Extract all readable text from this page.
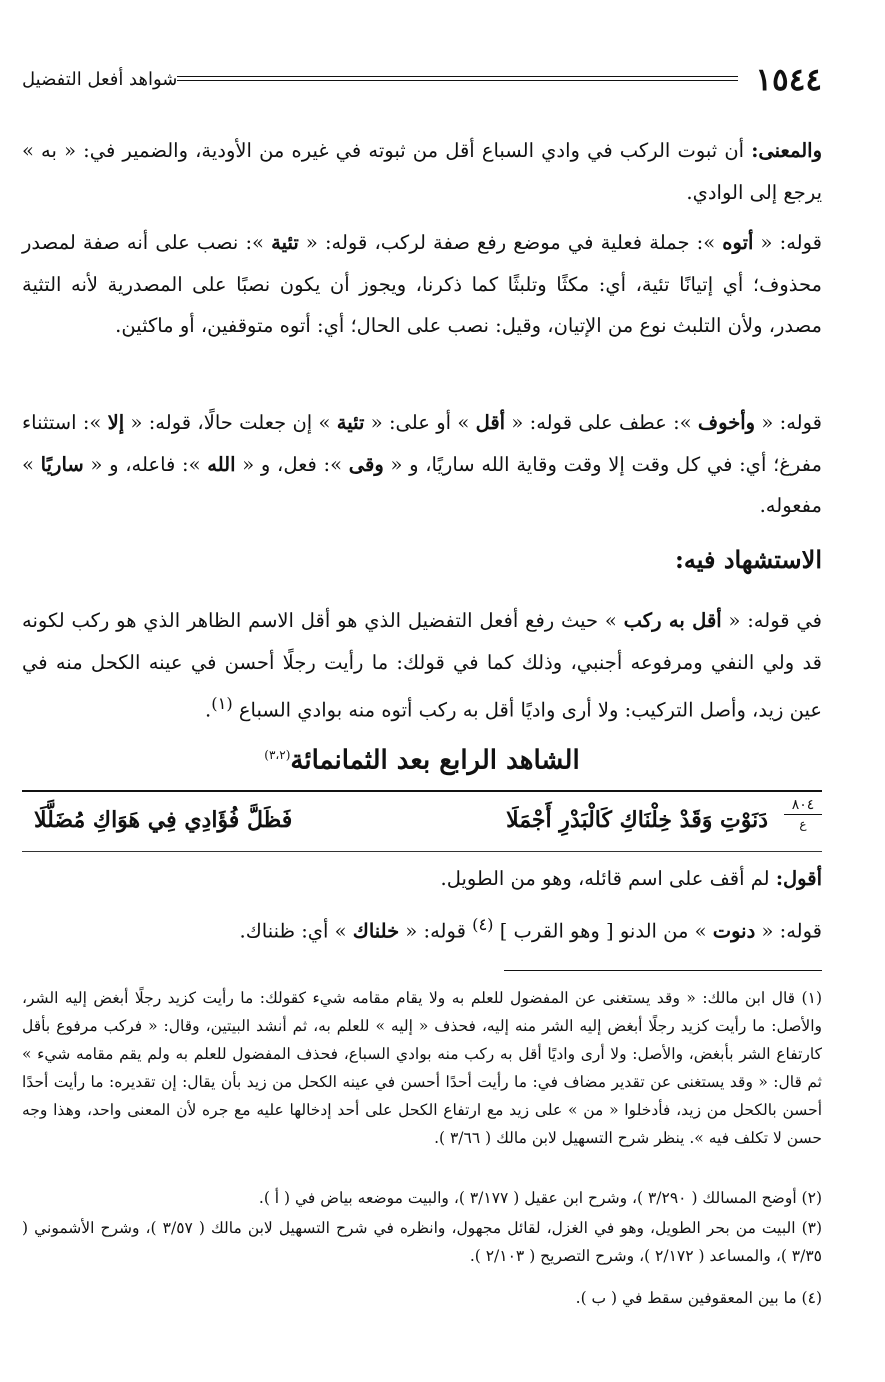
١٥٤٤
شواهد أفعل التفضيل

والمعنى: أن ثبوت الركب في وادي السباع أقل من ثبوته في غيره من الأودية، والضمير في: « به » يرجع إلى الوادي.

قوله: « أتوه »: جملة فعلية في موضع رفع صفة لركب، قوله: « تئية »: نصب على أنه صفة لمصدر محذوف؛ أي إتيانًا تئية، أي: مكثًا وتلبثًا كما ذكرنا، ويجوز أن يكون نصبًا على المصدرية لأنه التثية مصدر، ولأن التلبث نوع من الإتيان، وقيل: نصب على الحال؛ أي: أتوه متوقفين، أو ماكثين.

قوله: « وأخوف »: عطف على قوله: « أقل » أو على: « تئية » إن جعلت حالًا، قوله: « إلا »: استثناء مفرغ؛ أي: في كل وقت إلا وقت وقاية الله ساريًا، و « وقى »: فعل، و « الله »: فاعله، و « ساريًا » مفعوله.

الاستشهاد فيه:

في قوله: « أقل به ركب » حيث رفع أفعل التفضيل الذي هو أقل الاسم الظاهر الذي هو ركب لكونه قد ولي النفي ومرفوعه أجنبي، وذلك كما في قولك: ما رأيت رجلًا أحسن في عينه الكحل منه في عين زيد، وأصل التركيب: ولا أرى واديًا أقل به ركب أتوه منه بوادي السباع $^{(١)}$.

الشاهد الرابع بعد الثمانمائة$^{(٣،٢)}$
٨٠٤
ع
دَنَوْتِ وَقَدْ خِلْنَاكِ كَالْبَدْرِ أَجْمَلَا
فَظَلَّ فُؤَادِي فِي هَوَاكِ مُضَلَّلَا

أقول: لم أقف على اسم قائله، وهو من الطويل.

قوله: « دنوت » من الدنو [ وهو القرب ] $^{(٤)}$ قوله: « خلناك » أي: ظنناك.

(١) قال ابن مالك: « وقد يستغنى عن المفضول للعلم به ولا يقام مقامه شيء كقولك: ما رأيت كزيد رجلًا أبغض إليه الشر، والأصل: ما رأيت كزيد رجلًا أبغض إليه الشر منه إليه، فحذف « إليه » للعلم به، ثم أنشد البيتين، وقال: « فركب مرفوع بأقل كارتفاع الشر بأبغض، والأصل: ولا أرى واديًا أقل به ركب منه بوادي السباع، فحذف المفضول للعلم به ولم يقم مقامه شيء » ثم قال: « وقد يستغنى عن تقدير مضاف في: ما رأيت أحدًا أحسن في عينه الكحل من زيد بأن يقال: إن تقديره: ما رأيت أحدًا أحسن بالكحل من زيد، فأدخلوا « من » على زيد مع ارتفاع الكحل على أحد إدخالها عليه مع جره لأن المعنى واحد، وهذا وجه حسن لا تكلف فيه ». ينظر شرح التسهيل لابن مالك ( ٣/٦٦ ).

(٢) أوضح المسالك ( ٣/٢٩٠ )، وشرح ابن عقيل ( ٣/١٧٧ )، والبيت موضعه بياض في ( أ ).

(٣) البيت من بحر الطويل، وهو في الغزل، لقائل مجهول، وانظره في شرح التسهيل لابن مالك ( ٣/٥٧ )، وشرح الأشموني ( ٣/٣٥ )، والمساعد ( ٢/١٧٢ )، وشرح التصريح ( ٢/١٠٣ ).

(٤) ما بين المعقوفين سقط في ( ب ).
